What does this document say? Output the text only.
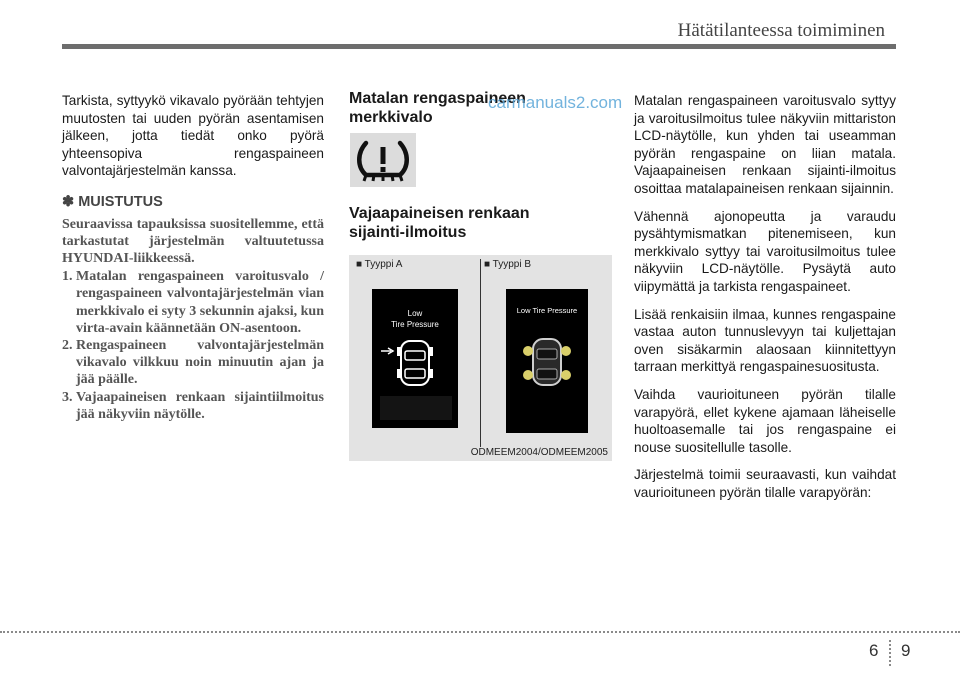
Hätätilanteessa toimiminen

Tarkista, syttyykö vikavalo pyörään tehtyjen muutosten tai uuden pyörän asentamisen jälkeen, jotta tiedät onko pyörä yhteensopiva rengaspaineen valvontajärjestelmän kanssa.

✽ MUISTUTUS
Seuraavissa tapauksissa suositellemme, että tarkastutat järjestelmän valtuutetussa HYUNDAI-liikkeessä.
1. Matalan rengaspaineen varoitusvalo / rengaspaineen valvontajärjestelmän vian merkkivalo ei syty 3 sekunnin ajaksi, kun virta-avain käännetään ON-asentoon.
2. Rengaspaineen valvontajärjestelmän vikavalo vilkkuu noin minuutin ajan ja jää päälle.
3. Vajaapaineisen renkaan sijaintiilmoitus jää näkyviin näytölle.
Matalan rengaspaineen merkkivalo
carmanuals2.com
Vajaapaineisen renkaan sijainti-ilmoitus
■ Tyyppi A	■ Tyyppi B
Low
Tire Pressure
Low Tire Pressure
ODMEEM2004/ODMEEM2005

Matalan rengaspaineen varoitusvalo syttyy ja varoitusilmoitus tulee näkyviin mittariston LCD-näytölle, kun yhden tai useamman pyörän rengaspaine on liian matala. Vajaapaineisen renkaan sijainti-ilmoitus osoittaa matalapaineisen renkaan sijainnin.

Vähennä ajonopeutta ja varaudu pysähtymismatkan pitenemiseen, kun merkkivalo syttyy tai varoitusilmoitus tulee näkyviin LCD-näytölle. Pysäytä auto viipymättä ja tarkista rengaspaineet.

Lisää renkaisiin ilmaa, kunnes rengaspaine vastaa auton tunnuslevyyn tai kuljettajan oven sisäkarmin alaosaan kiinnitettyyn tarraan merkittyä rengaspainesuositusta.

Vaihda vaurioituneen pyörän tilalle varapyörä, ellet kykene ajamaan läheiselle huoltoasemalle tai jos rengaspaine ei nouse suositellulle tasolle.

Järjestelmä toimii seuraavasti, kun vaihdat vaurioituneen pyörän tilalle varapyörän:

6 9
